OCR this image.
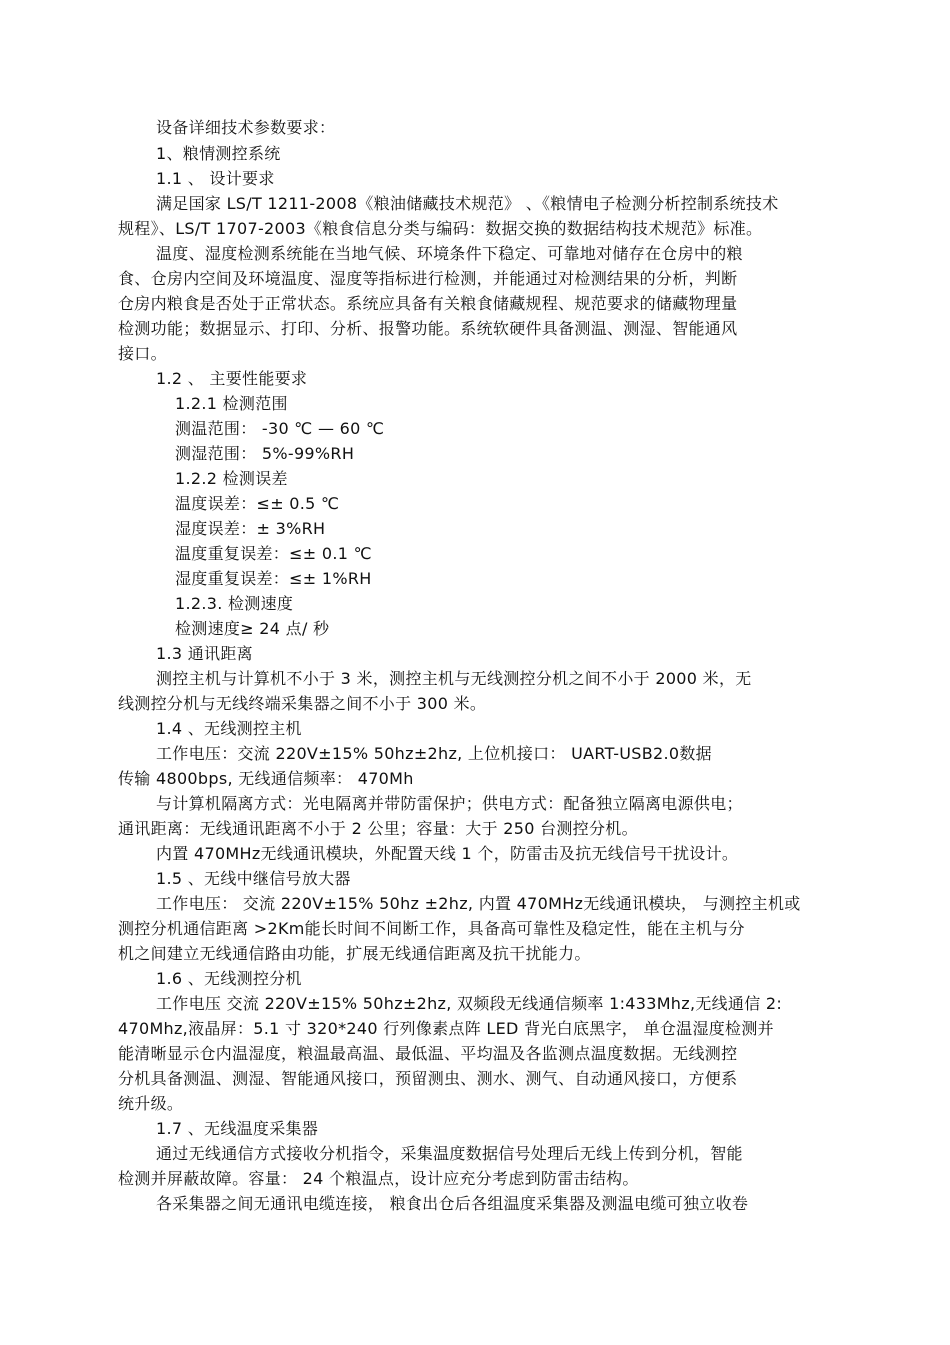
设备详细技术参数要求：
1、粮情测控系统
1.1 、 设计要求
满足国家 LS/T 1211-2008《粮油储藏技术规范》 、《粮情电子检测分析控制系统技术
规程》、LS/T 1707-2003《粮食信息分类与编码：数据交换的数据结构技术规范》标准。
温度、湿度检测系统能在当地气候、环境条件下稳定、可靠地对储存在仓房中的粮
食、仓房内空间及环境温度、湿度等指标进行检测，并能通过对检测结果的分析，判断
仓房内粮食是否处于正常状态。系统应具备有关粮食储藏规程、规范要求的储藏物理量
检测功能；数据显示、打印、分析、报警功能。系统软硬件具备测温、测湿、智能通风
接口。
1.2 、 主要性能要求
1.2.1 检测范围
测温范围： -30 ℃ — 60 ℃
测湿范围： 5%-99%RH
1.2.2 检测误差
温度误差：≤± 0.5 ℃
湿度误差：± 3%RH
温度重复误差：≤± 0.1 ℃
湿度重复误差：≤± 1%RH
1.2.3. 检测速度
检测速度≥ 24 点/ 秒
1.3 通讯距离
测控主机与计算机不小于 3 米，测控主机与无线测控分机之间不小于 2000 米，无
线测控分机与无线终端采集器之间不小于 300 米。
1.4 、无线测控主机
工作电压：交流 220V±15% 50hz±2hz, 上位机接口： UART-USB2.0数据
传输 4800bps, 无线通信频率： 470Mh
与计算机隔离方式：光电隔离并带防雷保护；供电方式：配备独立隔离电源供电；
通讯距离：无线通讯距离不小于 2 公里；容量：大于 250 台测控分机。
内置 470MHz无线通讯模块，外配置天线 1 个，防雷击及抗无线信号干扰设计。
1.5 、无线中继信号放大器
工作电压： 交流 220V±15% 50hz ±2hz, 内置 470MHz无线通讯模块， 与测控主机或
测控分机通信距离 >2Km能长时间不间断工作，具备高可靠性及稳定性，能在主机与分
机之间建立无线通信路由功能，扩展无线通信距离及抗干扰能力。
1.6 、无线测控分机
工作电压 交流 220V±15% 50hz±2hz, 双频段无线通信频率 1:433Mhz,无线通信 2:
470Mhz,液晶屏：5.1 寸 320*240 行列像素点阵 LED 背光白底黑字， 单仓温湿度检测并
能清晰显示仓内温湿度，粮温最高温、最低温、平均温及各监测点温度数据。无线测控
分机具备测温、测湿、智能通风接口，预留测虫、测水、测气、自动通风接口，方便系
统升级。
1.7 、无线温度采集器
通过无线通信方式接收分机指令，采集温度数据信号处理后无线上传到分机，智能
检测并屏蔽故障。容量： 24 个粮温点，设计应充分考虑到防雷击结构。
各采集器之间无通讯电缆连接， 粮食出仓后各组温度采集器及测温电缆可独立收卷
